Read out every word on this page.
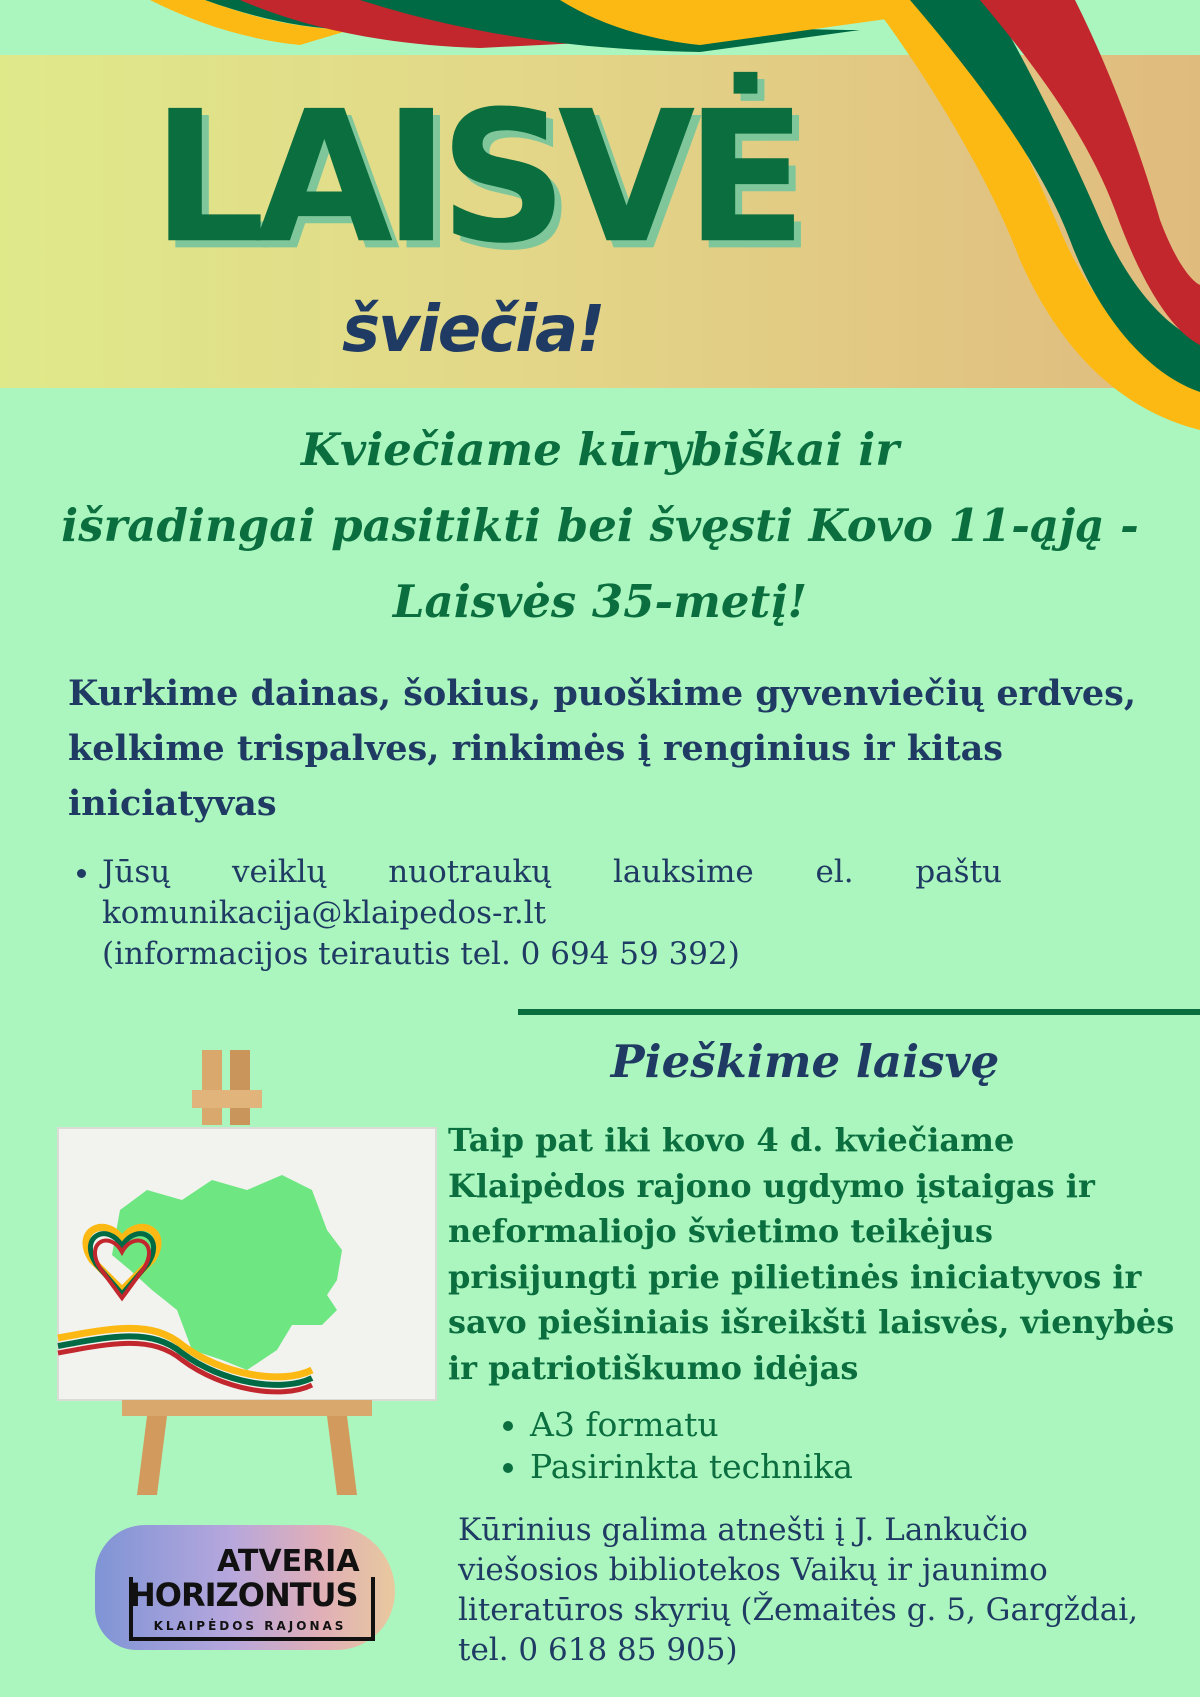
LAISVĖ
šviečia!

Kviečiame kūrybiškai ir
išradingai pasitikti bei švęsti Kovo 11-ąją -
Laisvės 35-metį!

Kurkime dainas, šokius, puoškime gyvenviečių erdves, kelkime trispalves, rinkimės į renginius ir kitas iniciatyvas

• Jūsų veiklų nuotraukų lauksime el. paštu
komunikacija@klaipedos-r.lt
(informacijos teirautis tel. 0 694 59 392)
Pieškime laisvę

Taip pat iki kovo 4 d. kviečiame Klaipėdos rajono ugdymo įstaigas ir neformaliojo švietimo teikėjus prisijungti prie pilietinės iniciatyvos ir savo piešiniais išreikšti laisvės, vienybės ir patriotiškumo idėjas

• A3 formatu
• Pasirinkta technika

Kūrinius galima atnešti į J. Lankučio viešosios bibliotekos Vaikų ir jaunimo literatūros skyrių (Žemaitės g. 5, Gargždai, tel. 0 618 85 905)

ATVERIA
HORIZONTUS
KLAIPĖDOS RAJONAS
